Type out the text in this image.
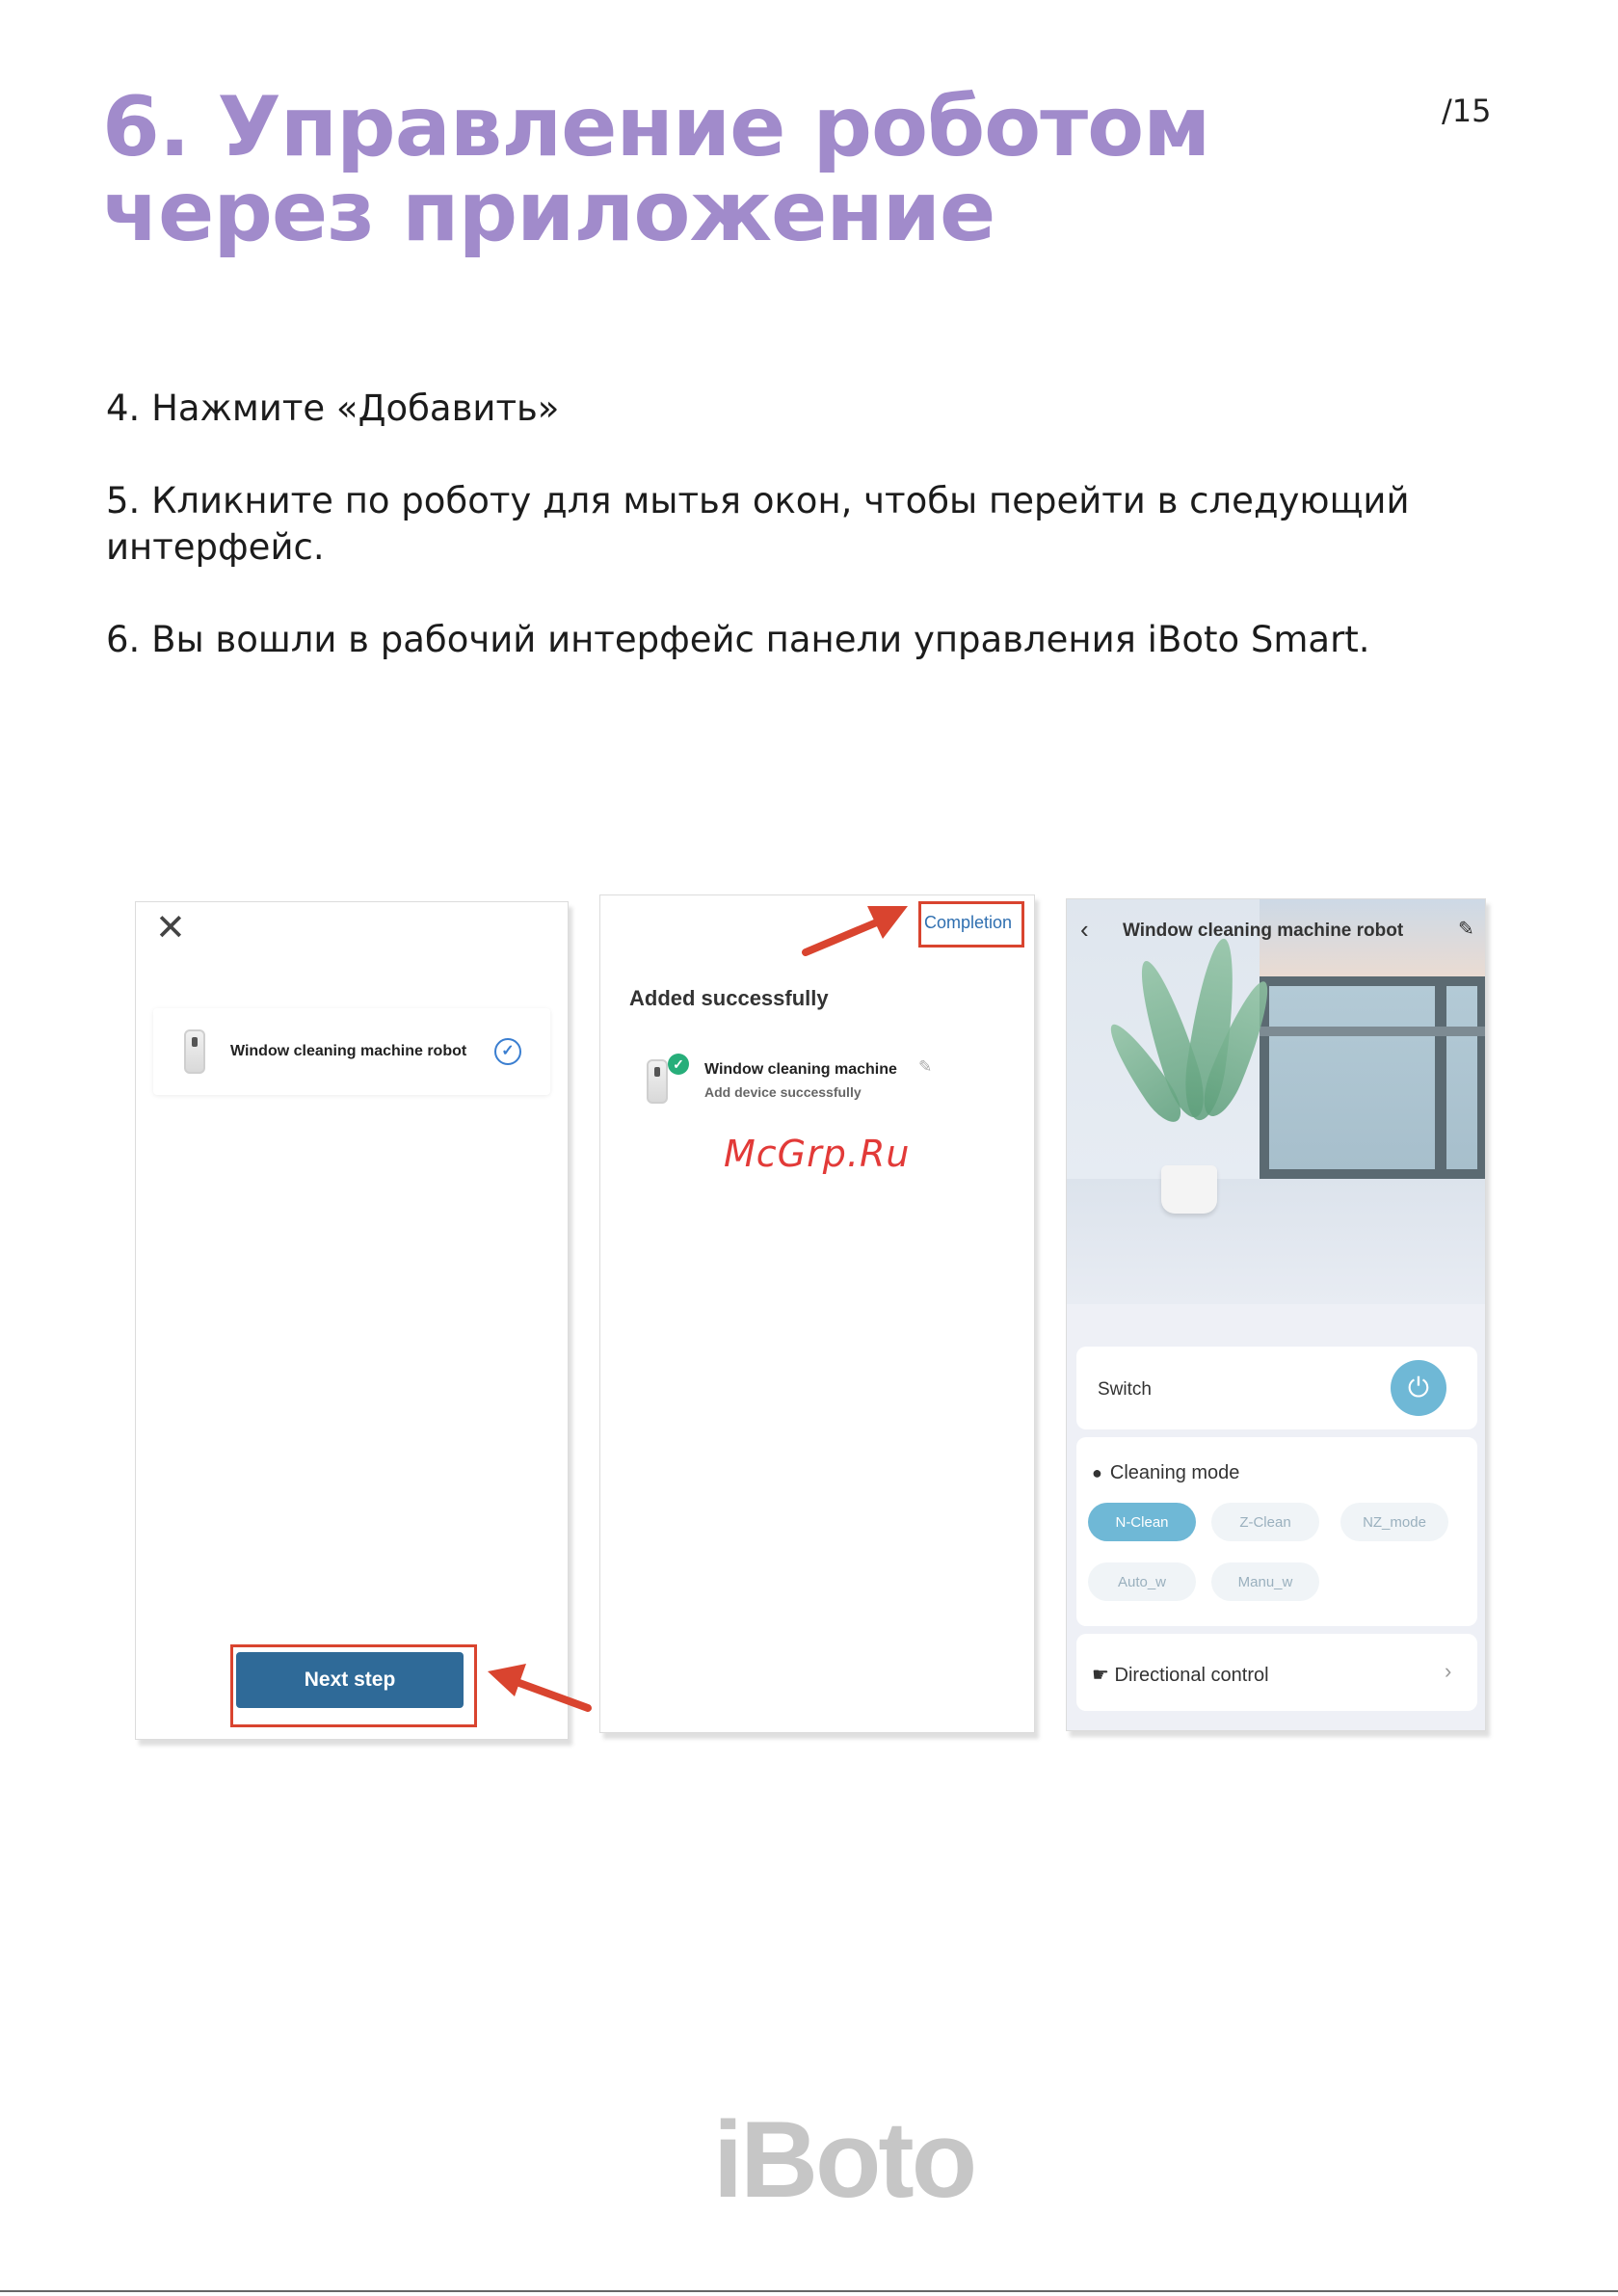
6. Управление роботом через приложение
/15

4. Нажмите «Добавить»

5. Кликните по роботу для мытья окон, чтобы перейти в следующий интерфейс.

6. Вы вошли в рабочий интерфейс панели управления iBoto Smart.

✕
Window cleaning machine robot	✓
Next step
Completion
Added successfully
✓	Window cleaning machine ✎
Add device successfully
McGrp.Ru
‹ Window cleaning machine robot	✎
Switch	⏻
● Cleaning mode
N-Clean	Z-Clean	NZ_mode
Auto_w	Manu_w
☛ Directional control	›
iBoto
